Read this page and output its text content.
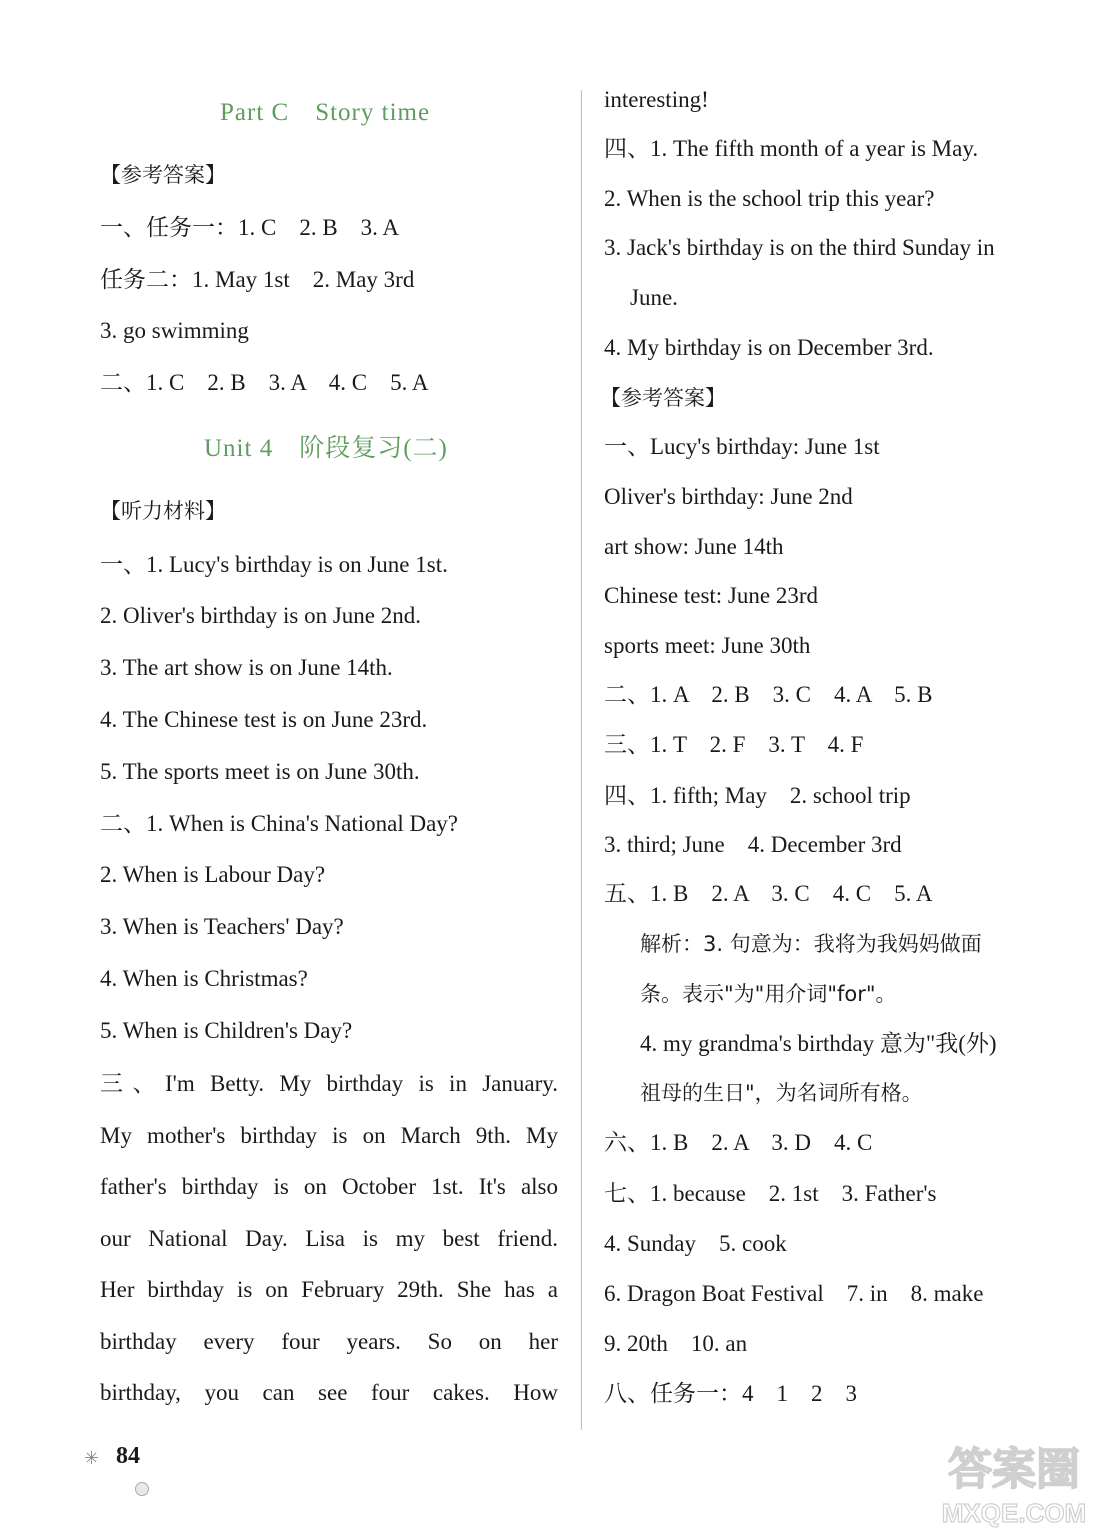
Part C　Story time
【参考答案】
一、任务一：1. C　2. B　3. A
任务二：1. May 1st　2. May 3rd
3. go swimming
二、1. C　2. B　3. A　4. C　5. A
Unit 4　阶段复习(二)
【听力材料】
一、1. Lucy's birthday is on June 1st.
2. Oliver's birthday is on June 2nd.
3. The art show is on June 14th.
4. The Chinese test is on June 23rd.
5. The sports meet is on June 30th.
二、1. When is China's National Day?
2. When is Labour Day?
3. When is Teachers' Day?
4. When is Christmas?
5. When is Children's Day?
三、I'm Betty. My birthday is in January.
My mother's birthday is on March 9th. My
father's birthday is on October 1st. It's also
our National Day. Lisa is my best friend.
Her birthday is on February 29th. She has a
birthday every four years. So on her
birthday, you can see four cakes. How
interesting!
四、1. The fifth month of a year is May.
2. When is the school trip this year?
3. Jack's birthday is on the third Sunday in
June.
4. My birthday is on December 3rd.
【参考答案】
一、Lucy's birthday: June 1st
Oliver's birthday: June 2nd
art show: June 14th
Chinese test: June 23rd
sports meet: June 30th
二、1. A　2. B　3. C　4. A　5. B
三、1. T　2. F　3. T　4. F
四、1. fifth; May　2. school trip
3. third; June　4. December 3rd
五、1. B　2. A　3. C　4. C　5. A
解析：3. 句意为：我将为我妈妈做面
条。表示"为"用介词"for"。
4. my grandma's birthday 意为"我(外)
祖母的生日"，为名词所有格。
六、1. B　2. A　3. D　4. C
七、1. because　2. 1st　3. Father's
4. Sunday　5. cook
6. Dragon Boat Festival　7. in　8. make
9. 20th　10. an
八、任务一：4　1　2　3
✳ 84	答案圈
MXQE.COM
